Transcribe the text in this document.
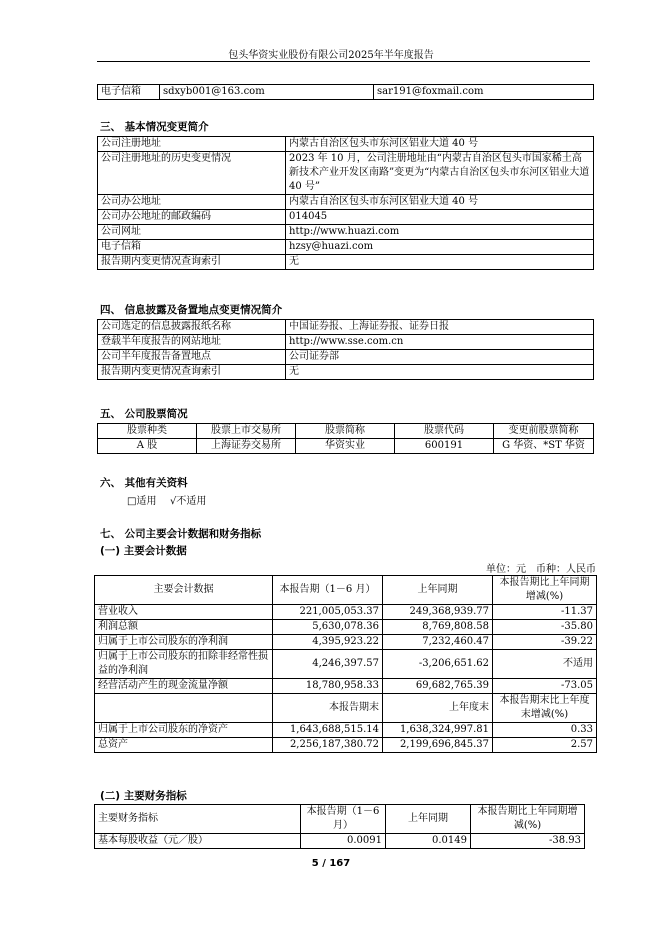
包头华资实业股份有限公司2025年半年度报告
电子信箱	sdxyb001@163.com	sar191@foxmail.com
三、 基本情况变更简介
公司注册地址	内蒙古自治区包头市东河区铝业大道 40 号
公司注册地址的历史变更情况	2023 年 10 月，公司注册地址由“内蒙古自治区包头市国家稀土高新技术产业开发区南路”变更为“内蒙古自治区包头市东河区铝业大道 40 号”
公司办公地址	内蒙古自治区包头市东河区铝业大道 40 号
公司办公地址的邮政编码	014045
公司网址	http://www.huazi.com
电子信箱	hzsy@huazi.com
报告期内变更情况查询索引	无
四、 信息披露及备置地点变更情况简介
公司选定的信息披露报纸名称	中国证券报、上海证券报、证券日报
登载半年度报告的网站地址	http://www.sse.com.cn
公司半年度报告备置地点	公司证券部
报告期内变更情况查询索引	无
五、 公司股票简况
股票种类	股票上市交易所	股票简称	股票代码	变更前股票简称
A 股	上海证券交易所	华资实业	600191	G 华资、*ST 华资
六、 其他有关资料
□适用 √不适用
七、 公司主要会计数据和财务指标
(一) 主要会计数据
单位：元　币种：人民币
主要会计数据	本报告期（1－6 月）	上年同期	本报告期比上年同期增减(%)
营业收入	221,005,053.37	249,368,939.77	-11.37
利润总额	5,630,078.36	8,769,808.58	-35.80
归属于上市公司股东的净利润	4,395,923.22	7,232,460.47	-39.22
归属于上市公司股东的扣除非经常性损益的净利润	4,246,397.57	-3,206,651.62	不适用
经营活动产生的现金流量净额	18,780,958.33	69,682,765.39	-73.05
	本报告期末	上年度末	本报告期末比上年度末增减(%)
归属于上市公司股东的净资产	1,643,688,515.14	1,638,324,997.81	0.33
总资产	2,256,187,380.72	2,199,696,845.37	2.57
(二) 主要财务指标
主要财务指标	本报告期（1－6 月）	上年同期	本报告期比上年同期增减(%)
基本每股收益（元／股）	0.0091	0.0149	-38.93
5 / 167
